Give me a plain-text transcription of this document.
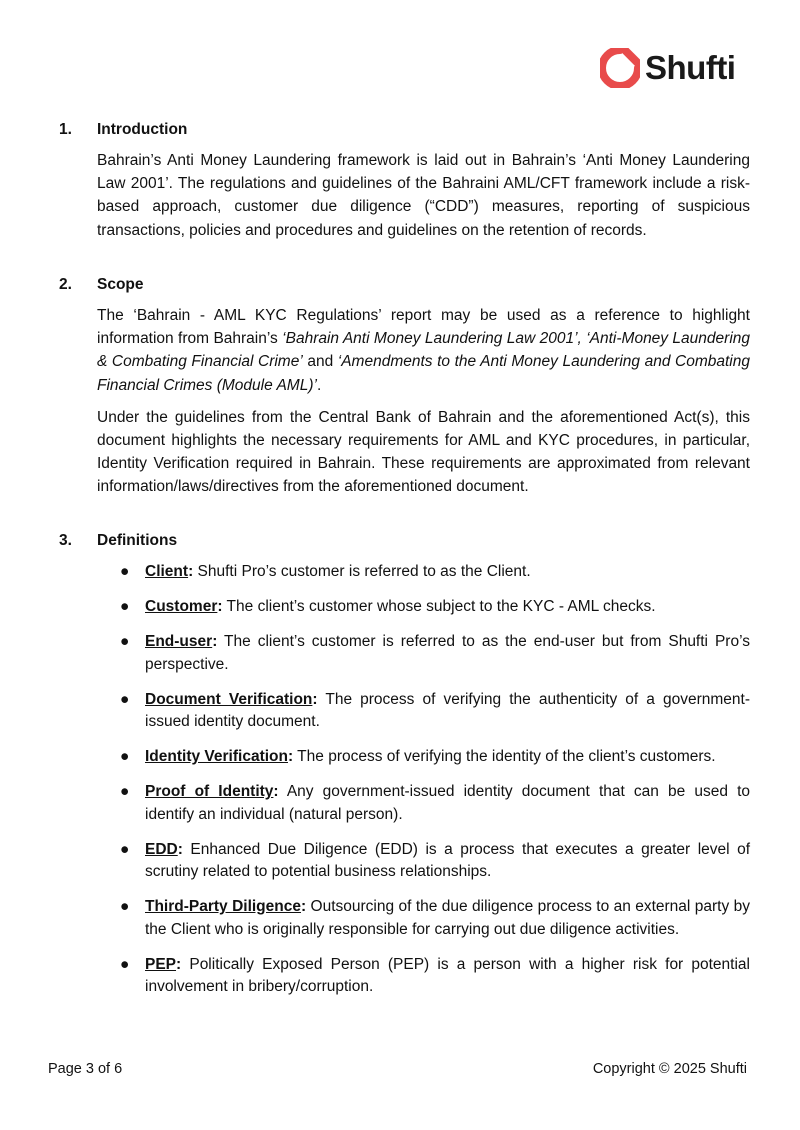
Shufti
1.	Introduction
Bahrain’s Anti Money Laundering framework is laid out in Bahrain’s ‘Anti Money Laundering Law 2001’. The regulations and guidelines of the Bahraini AML/CFT framework include a risk-based approach, customer due diligence (“CDD”) measures, reporting of suspicious transactions, policies and procedures and guidelines on the retention of records.
2.	Scope
The ‘Bahrain - AML KYC Regulations’ report may be used as a reference to highlight information from Bahrain’s ‘Bahrain Anti Money Laundering Law 2001’, ‘Anti-Money Laundering & Combating Financial Crime’ and ‘Amendments to the Anti Money Laundering and Combating Financial Crimes (Module AML)’.
Under the guidelines from the Central Bank of Bahrain and the aforementioned Act(s), this document highlights the necessary requirements for AML and KYC procedures, in particular, Identity Verification required in Bahrain. These requirements are approximated from relevant information/laws/directives from the aforementioned document.
3.	Definitions
● Client: Shufti Pro’s customer is referred to as the Client.
● Customer: The client’s customer whose subject to the KYC - AML checks.
● End-user: The client’s customer is referred to as the end-user but from Shufti Pro’s perspective.
● Document Verification: The process of verifying the authenticity of a government-issued identity document.
● Identity Verification: The process of verifying the identity of the client’s customers.
● Proof of Identity: Any government-issued identity document that can be used to identify an individual (natural person).
● EDD: Enhanced Due Diligence (EDD) is a process that executes a greater level of scrutiny related to potential business relationships.
● Third-Party Diligence: Outsourcing of the due diligence process to an external party by the Client who is originally responsible for carrying out due diligence activities.
● PEP: Politically Exposed Person (PEP) is a person with a higher risk for potential involvement in bribery/corruption.
Page 3 of 6	Copyright © 2025 Shufti
